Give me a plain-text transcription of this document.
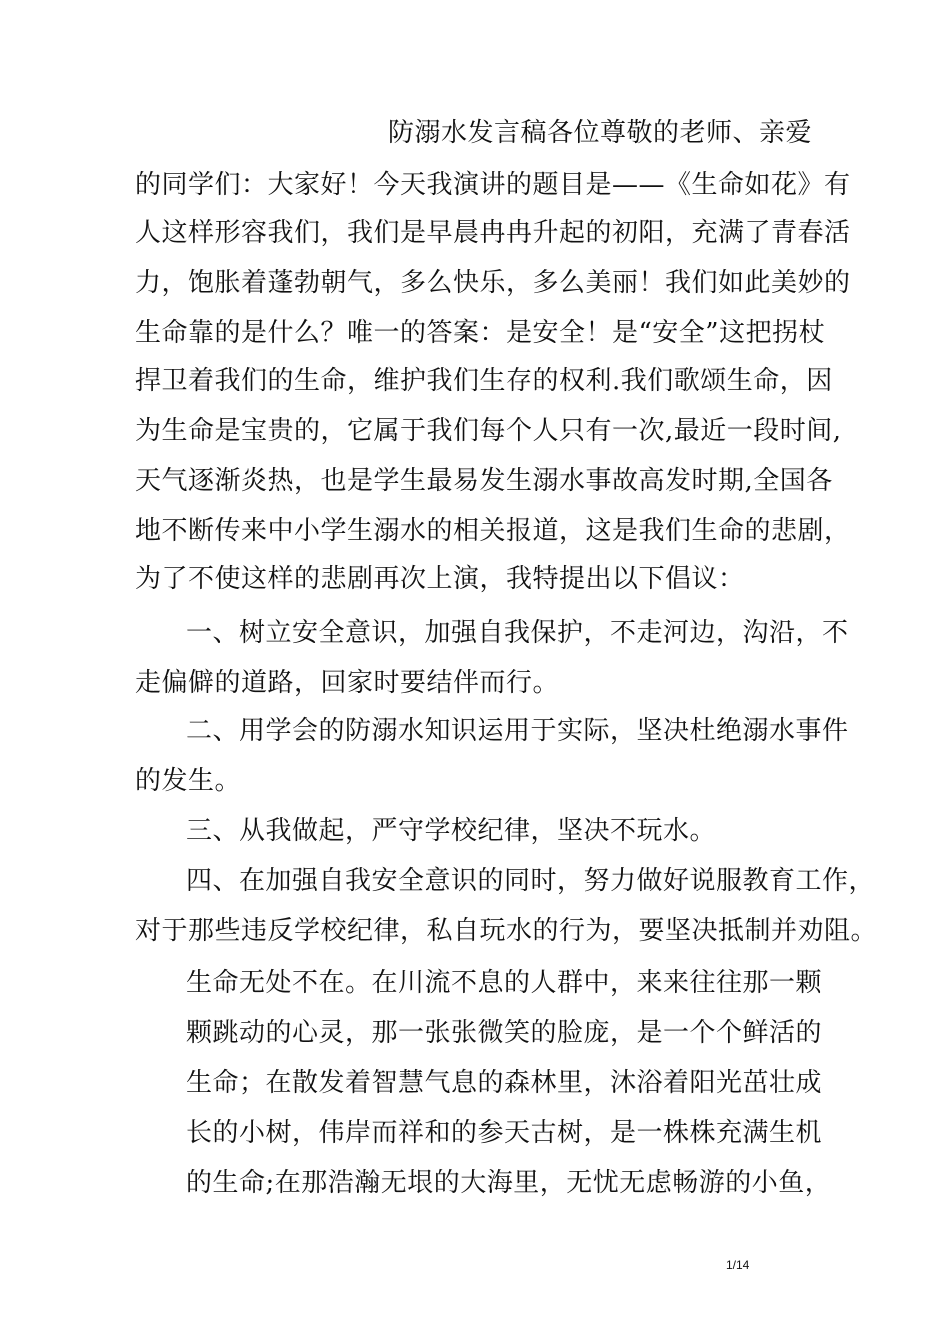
防溺水发言稿各位尊敬的老师、亲爱
的同学们：大家好！今天我演讲的题目是——《生命如花》有
人这样形容我们，我们是早晨冉冉升起的初阳，充满了青春活
力，饱胀着蓬勃朝气，多么快乐，多么美丽！我们如此美妙的
生命靠的是什么？唯一的答案：是安全！是“安全”这把拐杖
捍卫着我们的生命，维护我们生存的权利.我们歌颂生命，因
为生命是宝贵的，它属于我们每个人只有一次,最近一段时间,
天气逐渐炎热，也是学生最易发生溺水事故高发时期,全国各
地不断传来中小学生溺水的相关报道，这是我们生命的悲剧，
为了不使这样的悲剧再次上演，我特提出以下倡议：
一、树立安全意识，加强自我保护，不走河边，沟沿，不
走偏僻的道路，回家时要结伴而行。
二、用学会的防溺水知识运用于实际，坚决杜绝溺水事件
的发生。
三、从我做起，严守学校纪律，坚决不玩水。
四、在加强自我安全意识的同时，努力做好说服教育工作，
对于那些违反学校纪律，私自玩水的行为，要坚决抵制并劝阻。
生命无处不在。在川流不息的人群中，来来往往那一颗
颗跳动的心灵，那一张张微笑的脸庞，是一个个鲜活的
生命；在散发着智慧气息的森林里，沐浴着阳光茁壮成
长的小树，伟岸而祥和的参天古树，是一株株充满生机
的生命;在那浩瀚无垠的大海里，无忧无虑畅游的小鱼，
1/14
